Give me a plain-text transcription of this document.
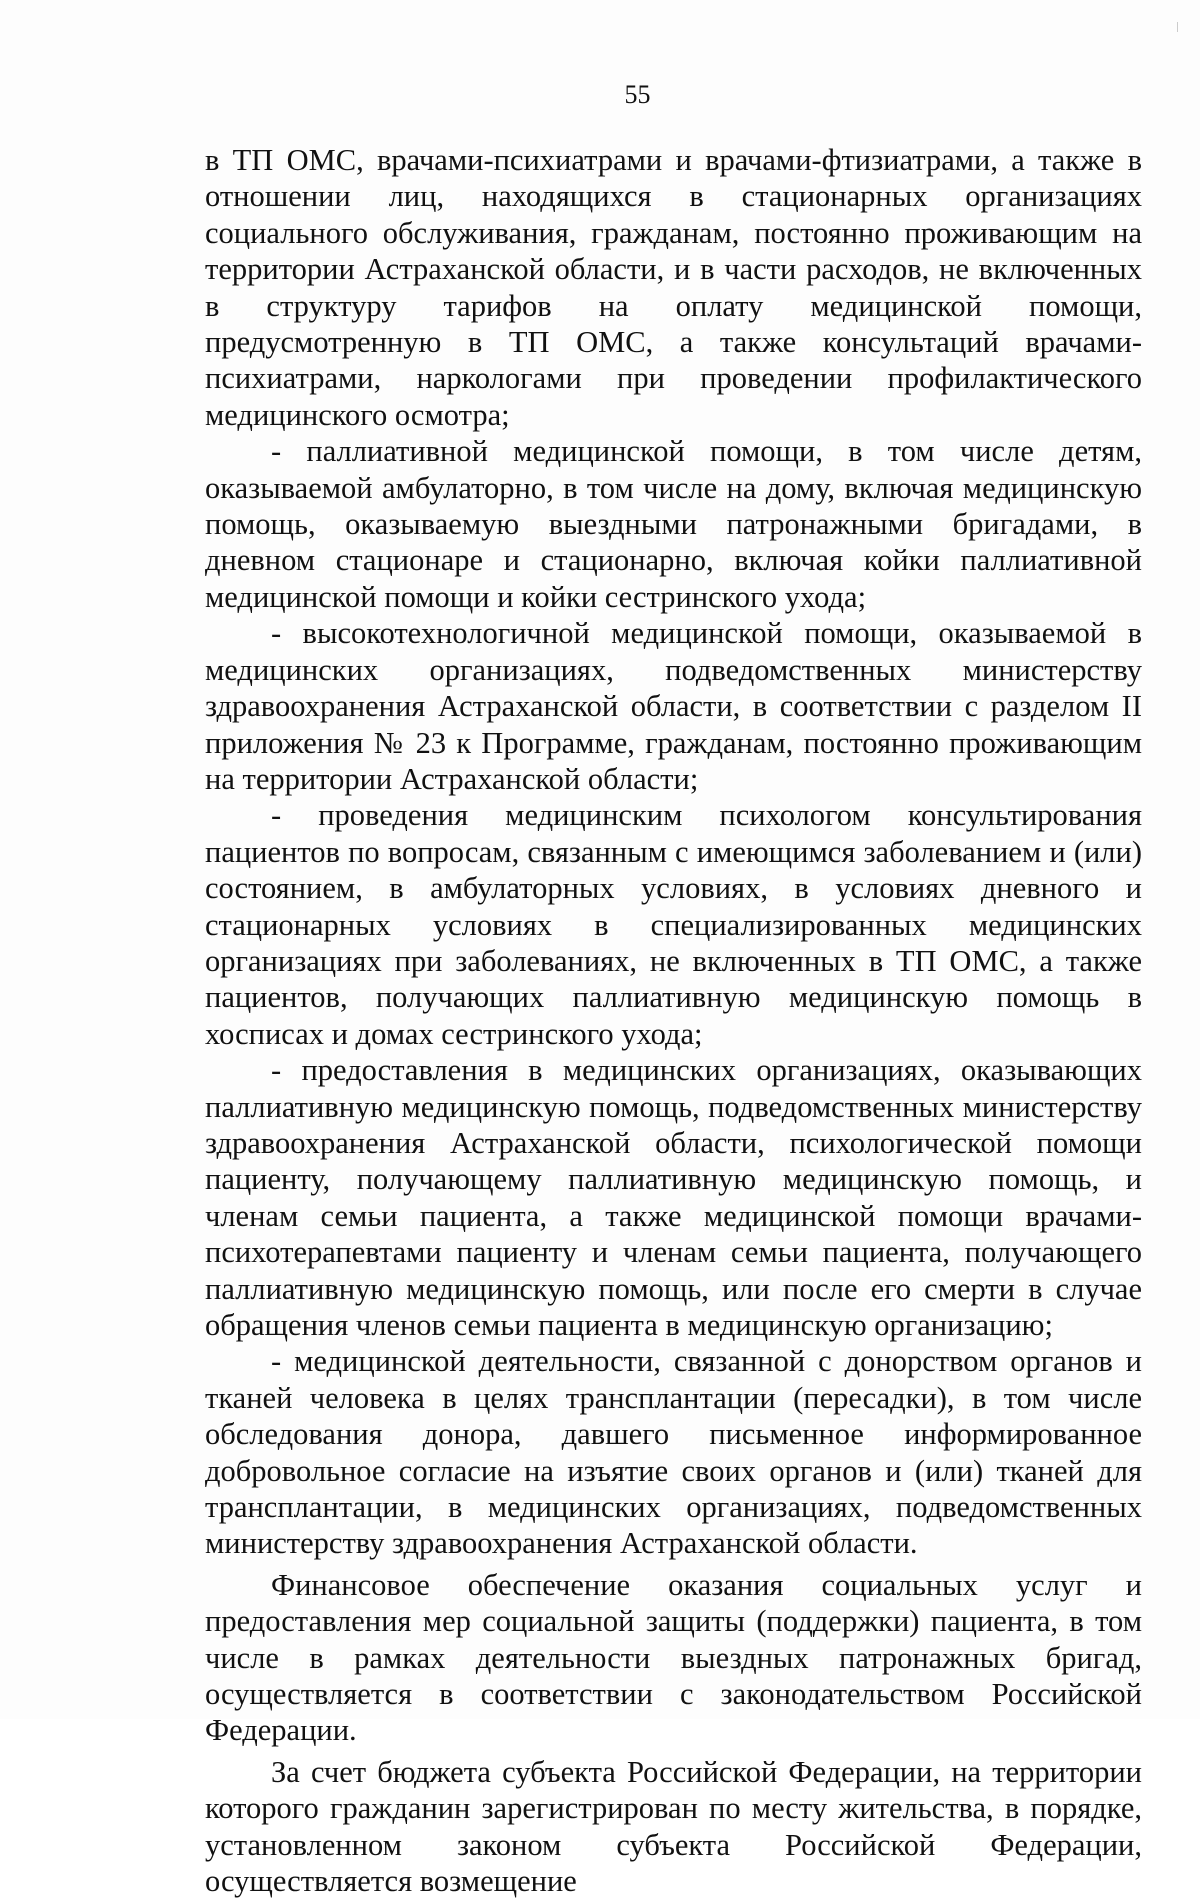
55

в ТП ОМС, врачами-психиатрами и врачами-фтизиатрами, а также в отношении лиц, находящихся в стационарных организациях социального обслуживания, гражданам, постоянно проживающим на территории Астраханской области, и в части расходов, не включенных в структуру тарифов на оплату медицинской помощи, предусмотренную в ТП ОМС, а также консультаций врачами-психиатрами, наркологами при проведении профилактического медицинского осмотра;

- паллиативной медицинской помощи, в том числе детям, оказываемой амбулаторно, в том числе на дому, включая медицинскую помощь, оказываемую выездными патронажными бригадами, в дневном стационаре и стационарно, включая койки паллиативной медицинской помощи и койки сестринского ухода;

- высокотехнологичной медицинской помощи, оказываемой в медицинских организациях, подведомственных министерству здравоохранения Астраханской области, в соответствии с разделом II приложения № 23 к Программе, гражданам, постоянно проживающим на территории Астраханской области;

- проведения медицинским психологом консультирования пациентов по вопросам, связанным с имеющимся заболеванием и (или) состоянием, в амбулаторных условиях, в условиях дневного и стационарных условиях в специализированных медицинских организациях при заболеваниях, не включенных в ТП ОМС, а также пациентов, получающих паллиативную медицинскую помощь в хосписах и домах сестринского ухода;

- предоставления в медицинских организациях, оказывающих паллиативную медицинскую помощь, подведомственных министерству здравоохранения Астраханской области, психологической помощи пациенту, получающему паллиативную медицинскую помощь, и членам семьи пациента, а также медицинской помощи врачами-психотерапевтами пациенту и членам семьи пациента, получающего паллиативную медицинскую помощь, или после его смерти в случае обращения членов семьи пациента в медицинскую организацию;

- медицинской деятельности, связанной с донорством органов и тканей человека в целях трансплантации (пересадки), в том числе обследования донора, давшего письменное информированное добровольное согласие на изъятие своих органов и (или) тканей для трансплантации, в медицинских организациях, подведомственных министерству здравоохранения Астраханской области.

Финансовое обеспечение оказания социальных услуг и предоставления мер социальной защиты (поддержки) пациента, в том числе в рамках деятельности выездных патронажных бригад, осуществляется в соответствии с законодательством Российской Федерации.

За счет бюджета субъекта Российской Федерации, на территории которого гражданин зарегистрирован по месту жительства, в порядке, установленном законом субъекта Российской Федерации, осуществляется возмещение
